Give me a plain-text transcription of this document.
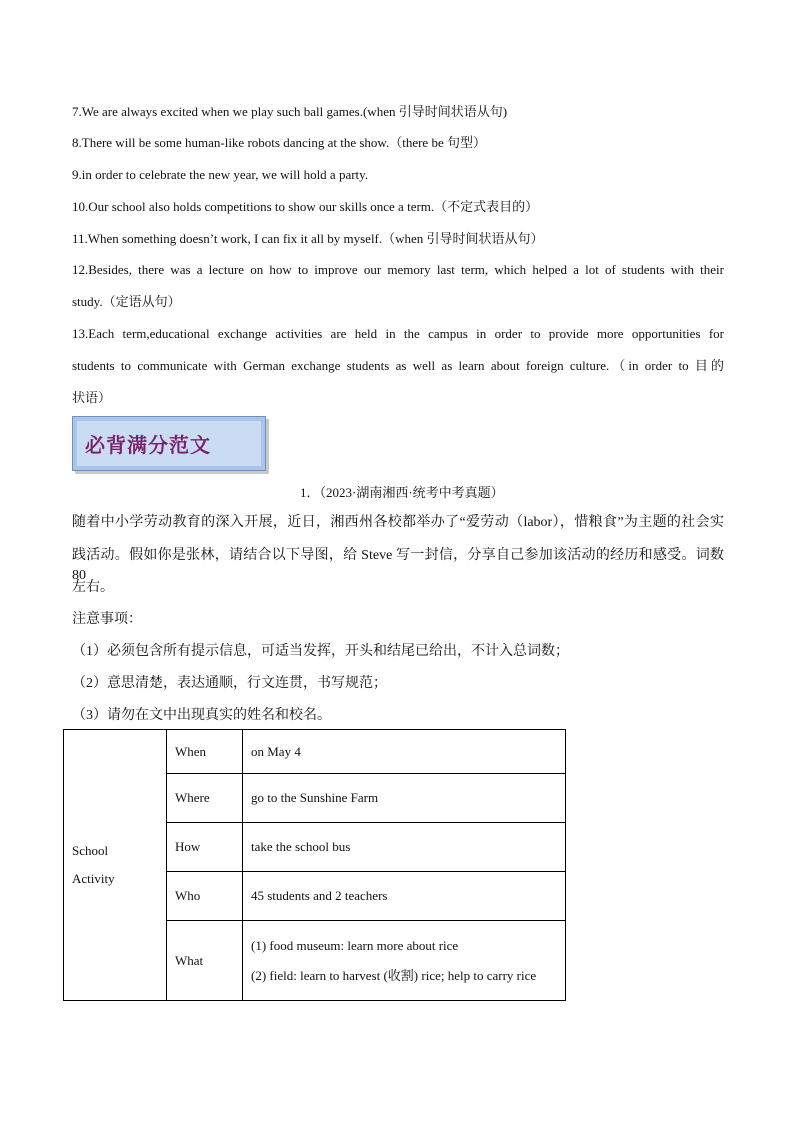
7.We are always excited when we play such ball games.(when 引导时间状语从句)
8.There will be some human-like robots dancing at the show.（there be 句型）
9.in order to celebrate the new year, we will hold a party.
10.Our school also holds competitions to show our skills once a term.（不定式表目的）
11.When something doesn’t work, I can fix it all by myself.（when 引导时间状语从句）
12.Besides, there was a lecture on how to improve our memory last term, which helped a lot of students with their
study.（定语从句）
13.Each term,educational exchange activities are held in the campus in order to provide more opportunities for
students to communicate with German exchange students as well as learn about foreign culture.（in order to 目的
状语）
必背满分范文
1．（2023·湖南湘西·统考中考真题）
随着中小学劳动教育的深入开展，近日，湘西州各校都举办了“爱劳动（labor），惜粮食”为主题的社会实
践活动。假如你是张林，请结合以下导图，给 Steve 写一封信，分享自己参加该活动的经历和感受。词数 80
左右。
注意事项：
（1）必须包含所有提示信息，可适当发挥，开头和结尾已给出，不计入总词数；
（2）意思清楚，表达通顺，行文连贯，书写规范；
（3）请勿在文中出现真实的姓名和校名。
School
Activity	When	on May 4
	Where	go to the Sunshine Farm
	How	take the school bus
	Who	45 students and 2 teachers
	What	(1) food museum: learn more about rice
(2) field: learn to harvest (收割) rice; help to carry rice
